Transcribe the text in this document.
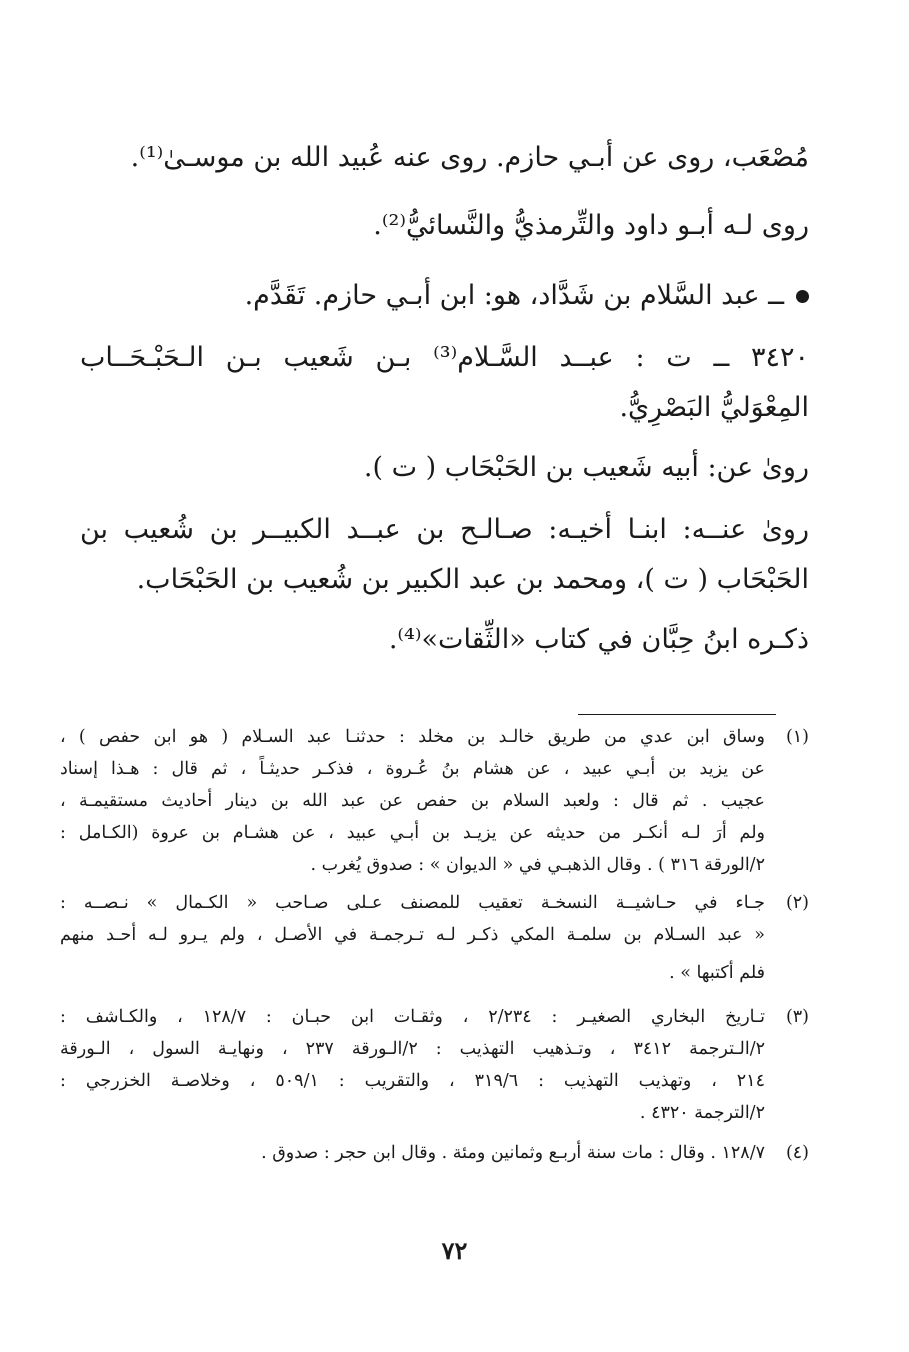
مُصْعَب، روى عن أبـي حازم. روى عنه عُبيد الله بن موسـىٰ⁽¹⁾.
روى لـه أبـو داود والتِّرمذيُّ والنَّسائيُّ⁽²⁾.
ــ عبد السَّلام بن شَدَّاد، هو: ابن أبـي حازم. تَقَدَّم.
٣٤٢٠ ــ ت : عبــد السَّـلام⁽³⁾ بـن شَعيب بـن الـحَبْـحَــاب
المِعْوَليُّ البَصْرِيُّ.
روىٰ عن: أبيه شَعيب بن الحَبْحَاب ( ت ).
روىٰ عنــه: ابنـا أخيـه: صـالـح بن عبــد الكبيــر بن شُعيب بن
الحَبْحَاب ( ت )، ومحمد بن عبد الكبير بن شُعيب بن الحَبْحَاب.
ذكـره ابنُ حِبَّان في كتاب «الثِّقات»⁽⁴⁾.
(١)
وساق ابن عدي من طريق خالـد بن مخلد : حدثنـا عبد السـلام ( هو ابن حفص ) ،
عن يزيد بن أبـي عبيد ، عن هشام بنُ عُـروة ، فذكـر حديثـاً ، ثم قال : هـذا إسناد
عجيب . ثم قال : ولعبد السلام بن حفص عن عبد الله بن دينار أحاديث مستقيمـة ،
ولم أرَ لـه أنكـر من حديثه عن يزيـد بن أبـي عبيد ، عن هشـام بن عروة (الكـامل :
٢/الورقة ٣١٦ ) . وقال الذهبـي في « الديوان » : صدوق يُغرب .
(٢)
جـاء في حـاشيــة النسخـة تعقيب للمصنف عـلى صـاحب « الكـمال » نـصــه :
« عبد السـلام بن سلمـة المكي ذكـر لـه تـرجمـة في الأصـل ، ولم يـرو لـه أحـد منهم
فلم أكتبها » .
(٣)
تـاريخ البخاري الصغيـر : ٢/٢٣٤ ، وثقـات ابن حبـان : ١٢٨/٧ ، والكـاشف :
٢/الـترجمة ٣٤١٢ ، وتـذهيب التهذيب : ٢/الـورقة ٢٣٧ ، ونهايـة السول ، الـورقة
٢١٤ ، وتهذيب التهذيب : ٣١٩/٦ ، والتقريب : ٥٠٩/١ ، وخلاصـة الخزرجي :
٢/الترجمة ٤٣٢٠ .
(٤)
١٢٨/٧ . وقال : مات سنة أربـع وثمانين ومئة . وقال ابن حجر : صدوق .
٧٢
